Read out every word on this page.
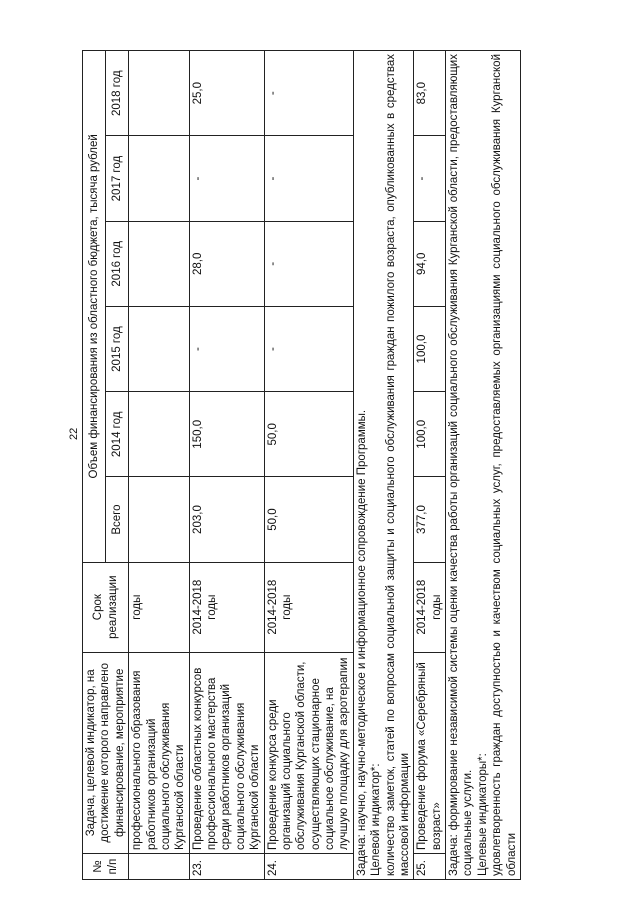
22
№ п/п	Задача, целевой индикатор, на достижение которого направлено финансирование, мероприятие	Срок реализации	Объем финансирования из областного бюджета, тысяча рублей					
			Всего	2014 год	2015 год	2016 год	2017 год	2018 год
	профессионального образования работников организаций социального обслуживания Курганской области	годы						
23.	Проведение областных конкурсов профессионального мастерства среди работников организаций социального обслуживания Курганской области	2014-2018 годы	203,0	150,0	-	28,0	-	25,0
24.	Проведение конкурса среди организаций социального обслуживания Курганской области, осуществляющих стационарное социальное обслуживание, на лучшую площадку для аэротерапии	2014-2018 годы	50,0	50,0	-	-	-	-

Задача: научно, научно-методическое и информационное сопровождение Программы. Целевой индикатор*: количество заметок, статей по вопросам социальной защиты и социального обслуживания граждан пожилого возраста, опубликованных в средствах массовой информации								

25.	Проведение форума «Серебряный возраст»	2014-2018 годы	377,0	100,0	100,0	94,0	-	83,0

Задача: формирование независимой системы оценки качества работы организаций социального обслуживания Курганской области, предоставляющих социальные услуги. Целевые индикаторы*: удовлетворенность граждан доступностью и качеством социальных услуг, предоставляемых организациями социального обслуживания Курганской области								
